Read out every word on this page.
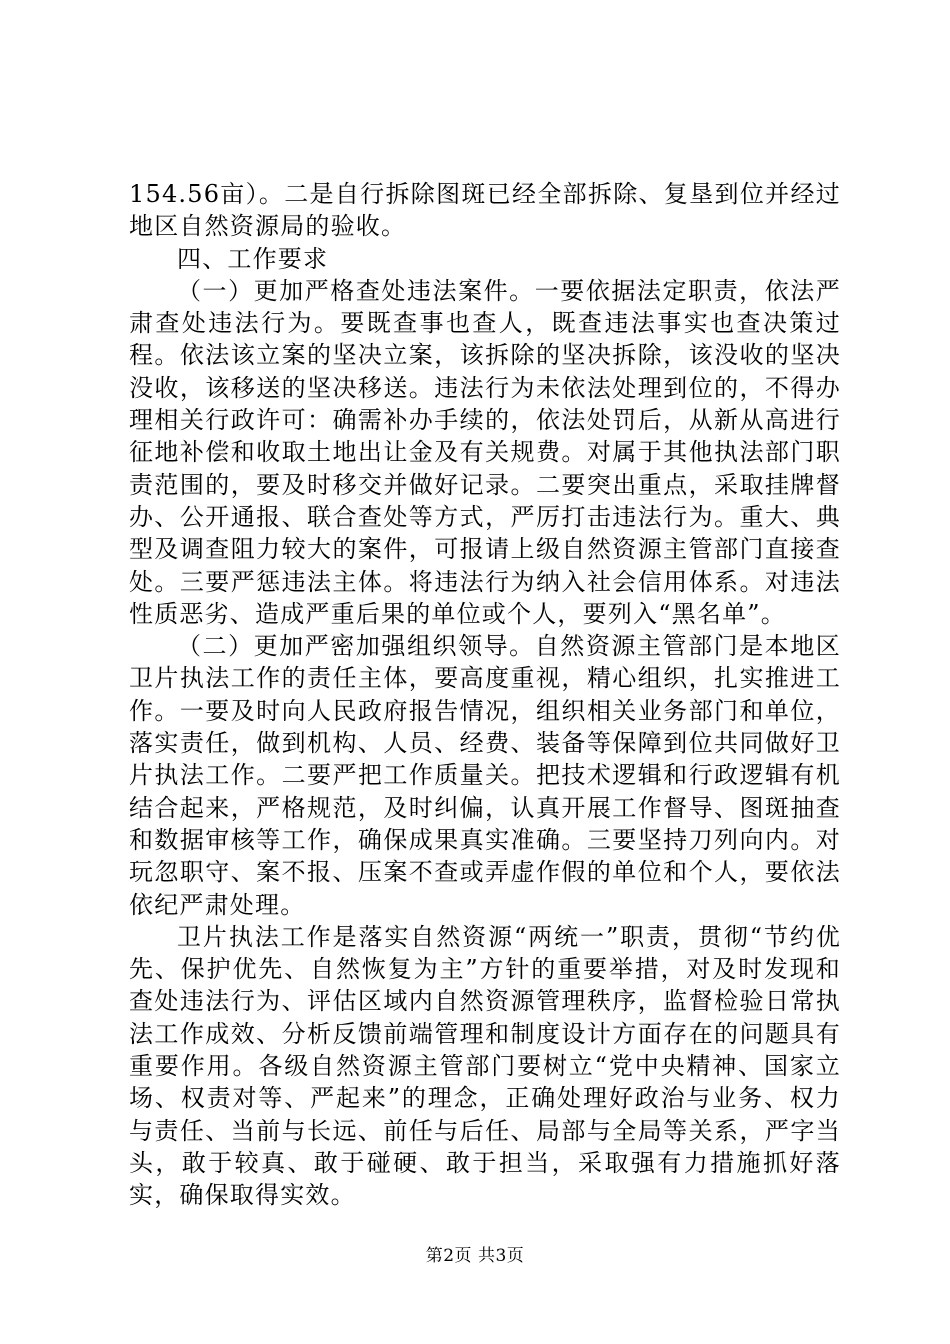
154.56亩）。二是自行拆除图斑已经全部拆除、复垦到位并经过地区自然资源局的验收。

四、工作要求

（一）更加严格查处违法案件。一要依据法定职责，依法严肃查处违法行为。要既查事也查人，既查违法事实也查决策过程。依法该立案的坚决立案，该拆除的坚决拆除，该没收的坚决没收，该移送的坚决移送。违法行为未依法处理到位的，不得办理相关行政许可：确需补办手续的，依法处罚后，从新从高进行征地补偿和收取土地出让金及有关规费。对属于其他执法部门职责范围的，要及时移交并做好记录。二要突出重点，采取挂牌督办、公开通报、联合查处等方式，严厉打击违法行为。重大、典型及调查阻力较大的案件，可报请上级自然资源主管部门直接查处。三要严惩违法主体。将违法行为纳入社会信用体系。对违法性质恶劣、造成严重后果的单位或个人，要列入“黑名单”。

（二）更加严密加强组织领导。自然资源主管部门是本地区卫片执法工作的责任主体，要高度重视，精心组织，扎实推进工作。一要及时向人民政府报告情况，组织相关业务部门和单位，落实责任，做到机构、人员、经费、装备等保障到位共同做好卫片执法工作。二要严把工作质量关。把技术逻辑和行政逻辑有机结合起来，严格规范，及时纠偏，认真开展工作督导、图斑抽查和数据审核等工作，确保成果真实准确。三要坚持刀列向内。对玩忽职守、案不报、压案不查或弄虚作假的单位和个人，要依法依纪严肃处理。

卫片执法工作是落实自然资源“两统一”职责，贯彻“节约优先、保护优先、自然恢复为主”方针的重要举措，对及时发现和查处违法行为、评估区域内自然资源管理秩序，监督检验日常执法工作成效、分析反馈前端管理和制度设计方面存在的问题具有重要作用。各级自然资源主管部门要树立“党中央精神、国家立场、权责对等、严起来”的理念，正确处理好政治与业务、权力与责任、当前与长远、前任与后任、局部与全局等关系，严字当头，敢于较真、敢于碰硬、敢于担当，采取强有力措施抓好落实，确保取得实效。

第2页 共3页
